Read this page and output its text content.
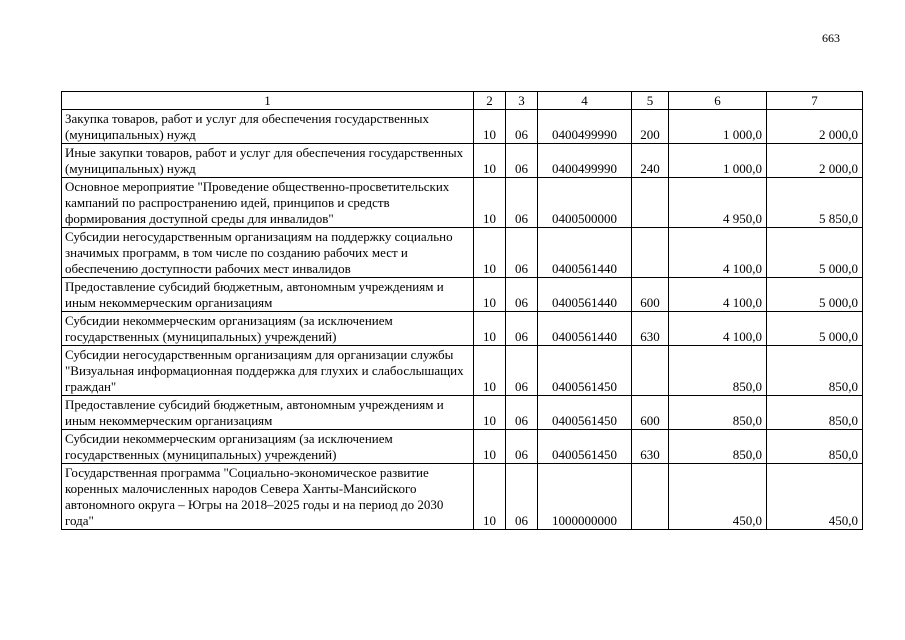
663
1	2	3	4	5	6	7
Закупка товаров, работ и услуг для обеспечения государственных (муниципальных) нужд	10	06	0400499990	200	1 000,0	2 000,0
Иные закупки товаров, работ и услуг для обеспечения государственных (муниципальных) нужд	10	06	0400499990	240	1 000,0	2 000,0
Основное мероприятие "Проведение общественно-просветительских кампаний по распространению идей, принципов и средств формирования доступной среды для инвалидов"	10	06	0400500000		4 950,0	5 850,0
Субсидии негосударственным организациям на поддержку социально значимых программ, в том числе по созданию рабочих мест и обеспечению доступности рабочих мест инвалидов	10	06	0400561440		4 100,0	5 000,0
Предоставление субсидий бюджетным, автономным учреждениям и иным некоммерческим организациям	10	06	0400561440	600	4 100,0	5 000,0
Субсидии некоммерческим организациям (за исключением государственных (муниципальных) учреждений)	10	06	0400561440	630	4 100,0	5 000,0
Субсидии негосударственным организациям для организации службы "Визуальная информационная поддержка для глухих и слабослышащих граждан"	10	06	0400561450		850,0	850,0
Предоставление субсидий бюджетным, автономным учреждениям и иным некоммерческим организациям	10	06	0400561450	600	850,0	850,0
Субсидии некоммерческим организациям (за исключением государственных (муниципальных) учреждений)	10	06	0400561450	630	850,0	850,0
Государственная программа "Социально-экономическое развитие коренных малочисленных народов Севера Ханты-Мансийского автономного округа – Югры на 2018–2025 годы и на период до 2030 года"	10	06	1000000000		450,0	450,0
